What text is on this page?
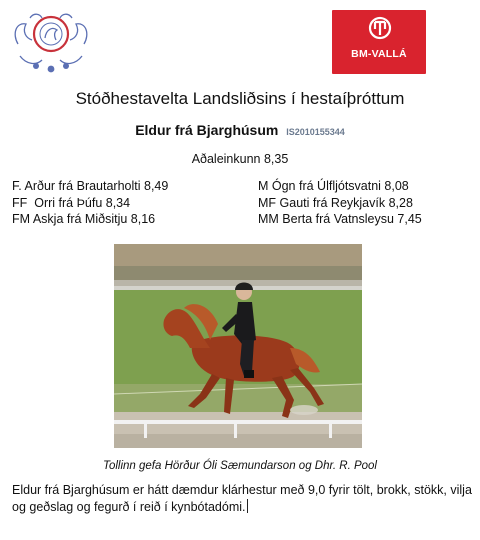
BM-VALLÁ
Stóðhestavelta Landsliðsins í hestaíþróttum
Eldur frá Bjarghúsum IS2010155344
Aðaleinkunn 8,35
F. Arður frá Brautarholti 8,49
FF  Orri frá Þúfu 8,34
FM Askja frá Miðsitju 8,16
M Ógn frá Úlfljótsvatni 8,08
MF Gauti frá Reykjavík 8,28
MM Berta frá Vatnsleysu 7,45
Tollinn gefa Hörður Óli Sæmundarson og Dhr. R. Pool
Eldur frá Bjarghúsum er hátt dæmdur klárhestur með 9,0 fyrir tölt, brokk, stökk, vilja og geðslag og fegurð í reið í kynbótadómi.
